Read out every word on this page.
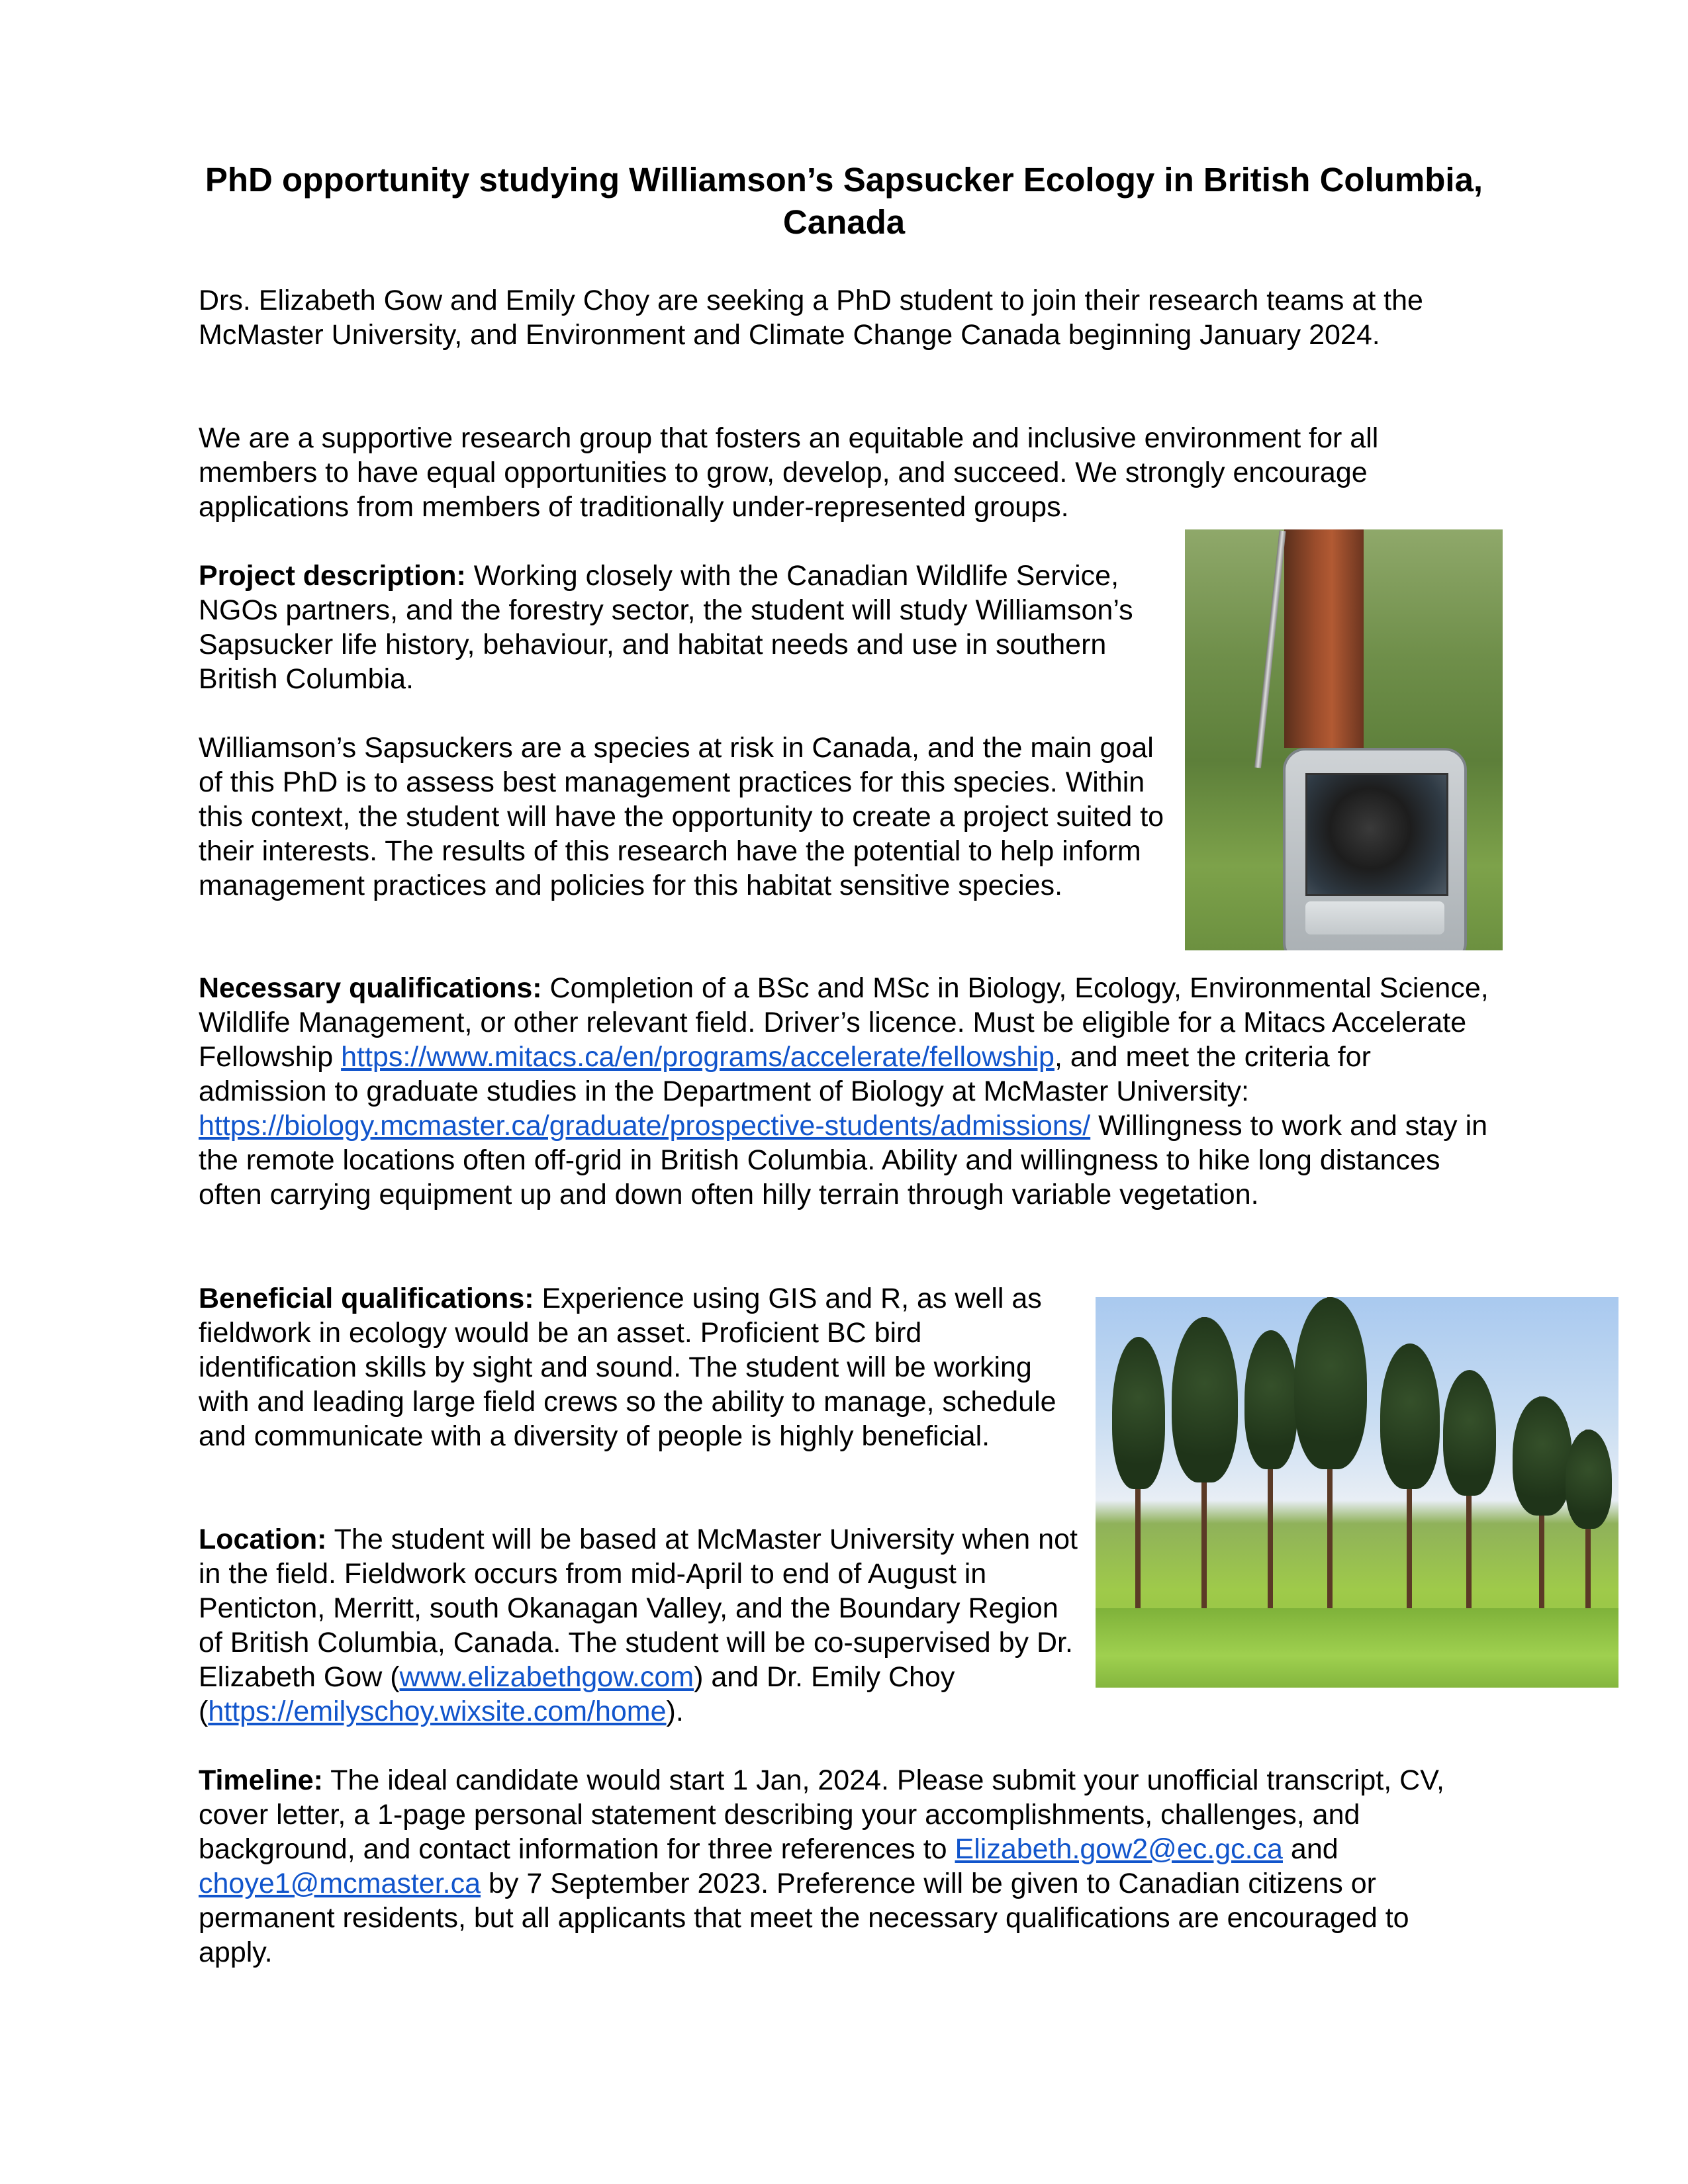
PhD opportunity studying Williamson’s Sapsucker Ecology in British Columbia, Canada

Drs. Elizabeth Gow and Emily Choy are seeking a PhD student to join their research teams at the McMaster University, and Environment and Climate Change Canada beginning January 2024.

We are a supportive research group that fosters an equitable and inclusive environment for all members to have equal opportunities to grow, develop, and succeed. We strongly encourage applications from members of traditionally under-represented groups.

Project description: Working closely with the Canadian Wildlife Service, NGOs partners, and the forestry sector, the student will study Williamson’s Sapsucker life history, behaviour, and habitat needs and use in southern British Columbia.

Williamson’s Sapsuckers are a species at risk in Canada, and the main goal of this PhD is to assess best management practices for this species. Within this context, the student will have the opportunity to create a project suited to their interests. The results of this research have the potential to help inform management practices and policies for this habitat sensitive species.

Necessary qualifications: Completion of a BSc and MSc in Biology, Ecology, Environmental Science, Wildlife Management, or other relevant field. Driver’s licence. Must be eligible for a Mitacs Accelerate Fellowship https://www.mitacs.ca/en/programs/accelerate/fellowship, and meet the criteria for admission to graduate studies in the Department of Biology at McMaster University: https://biology.mcmaster.ca/graduate/prospective-students/admissions/ Willingness to work and stay in the remote locations often off-grid in British Columbia. Ability and willingness to hike long distances often carrying equipment up and down often hilly terrain through variable vegetation.

Beneficial qualifications: Experience using GIS and R, as well as fieldwork in ecology would be an asset. Proficient BC bird identification skills by sight and sound. The student will be working with and leading large field crews so the ability to manage, schedule and communicate with a diversity of people is highly beneficial.

Location: The student will be based at McMaster University when not in the field. Fieldwork occurs from mid-April to end of August in Penticton, Merritt, south Okanagan Valley, and the Boundary Region of British Columbia, Canada. The student will be co-supervised by Dr. Elizabeth Gow (www.elizabethgow.com) and Dr. Emily Choy (https://emilyschoy.wixsite.com/home).

Timeline: The ideal candidate would start 1 Jan, 2024. Please submit your unofficial transcript, CV, cover letter, a 1-page personal statement describing your accomplishments, challenges, and background, and contact information for three references to Elizabeth.gow2@ec.gc.ca and choye1@mcmaster.ca by 7 September 2023. Preference will be given to Canadian citizens or permanent residents, but all applicants that meet the necessary qualifications are encouraged to apply.
